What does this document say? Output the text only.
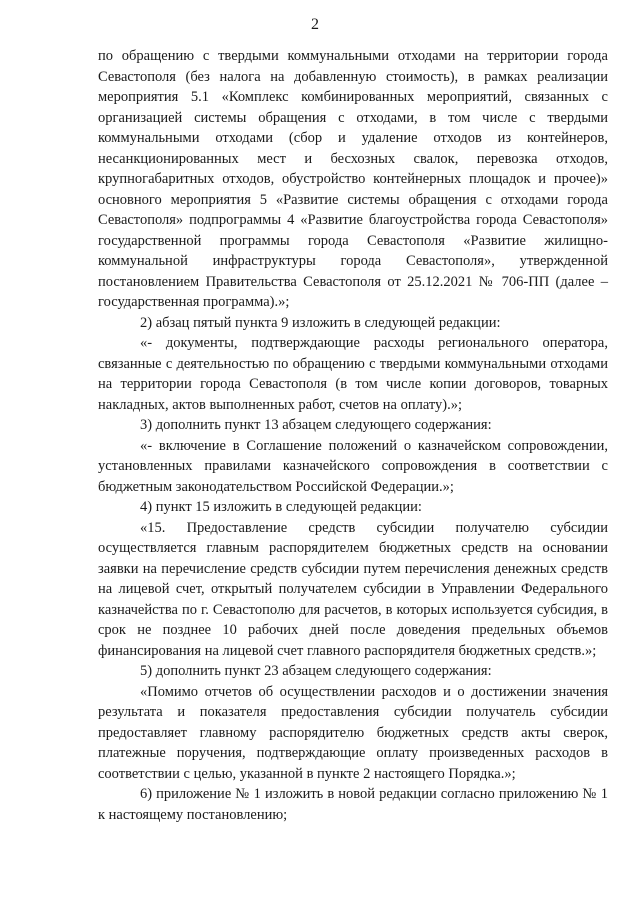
2

по обращению с твердыми коммунальными отходами на территории города Севастополя (без налога на добавленную стоимость), в рамках реализации мероприятия 5.1 «Комплекс комбинированных мероприятий, связанных с организацией системы обращения с отходами, в том числе с твердыми коммунальными отходами (сбор и удаление отходов из контейнеров, несанкционированных мест и бесхозных свалок, перевозка отходов, крупногабаритных отходов, обустройство контейнерных площадок и прочее)» основного мероприятия 5 «Развитие системы обращения с отходами города Севастополя» подпрограммы 4 «Развитие благоустройства города Севастополя» государственной программы города Севастополя «Развитие жилищно-коммунальной инфраструктуры города Севастополя», утвержденной постановлением Правительства Севастополя от 25.12.2021 № 706-ПП (далее – государственная программа).»;

2) абзац пятый пункта 9 изложить в следующей редакции:

«- документы, подтверждающие расходы регионального оператора, связанные с деятельностью по обращению с твердыми коммунальными отходами на территории города Севастополя (в том числе копии договоров, товарных накладных, актов выполненных работ, счетов на оплату).»;

3) дополнить пункт 13 абзацем следующего содержания:

«- включение в Соглашение положений о казначейском сопровождении, установленных правилами казначейского сопровождения в соответствии с бюджетным законодательством Российской Федерации.»;

4) пункт 15 изложить в следующей редакции:

«15. Предоставление средств субсидии получателю субсидии осуществляется главным распорядителем бюджетных средств на основании заявки на перечисление средств субсидии путем перечисления денежных средств на лицевой счет, открытый получателем субсидии в Управлении Федерального казначейства по г. Севастополю для расчетов, в которых используется субсидия, в срок не позднее 10 рабочих дней после доведения предельных объемов финансирования на лицевой счет главного распорядителя бюджетных средств.»;

5) дополнить пункт 23 абзацем следующего содержания:

«Помимо отчетов об осуществлении расходов и о достижении значения результата и показателя предоставления субсидии получатель субсидии предоставляет главному распорядителю бюджетных средств акты сверок, платежные поручения, подтверждающие оплату произведенных расходов в соответствии с целью, указанной в пункте 2 настоящего Порядка.»;

6) приложение № 1 изложить в новой редакции согласно приложению № 1 к настоящему постановлению;
